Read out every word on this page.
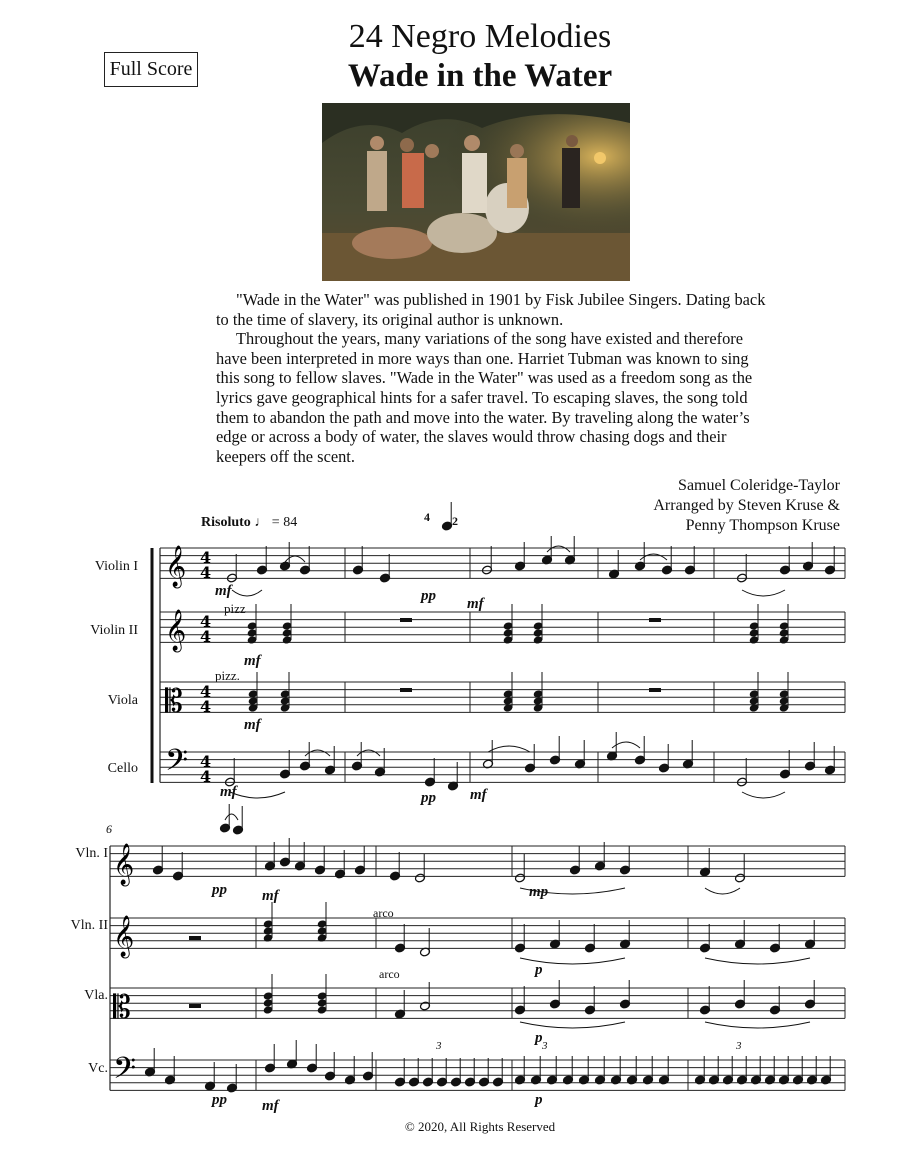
Full Score
24 Negro Melodies
Wade in the Water

"Wade in the Water" was published in 1901 by Fisk Jubilee Singers. Dating back to the time of slavery, its original author is unknown.

Throughout the years, many variations of the song have existed and therefore have been interpreted in more ways than one. Harriet Tubman was known to sing this song to fellow slaves. "Wade in the Water" was used as a freedom song as the lyrics gave geographical hints for a safer travel. To escaping slaves, the song told them to abandon the path and move into the water. By traveling along the water’s edge or across a body of water, the slaves would throw chasing dogs and their keepers off the scent.

Samuel Coleridge-Taylor
Arranged by Steven Kruse &
Penny Thompson Kruse
Risoluto ♩ = 84
Violin I
Violin II
Viola
Cello
Vln. I
Vln. II
Vla.
Vc.
pizz
pizz.
4 2
6
arco
arco
mf
mf
mf
mf
pp mf
pp mf
pp mf	mp
p
p
pp mf	p
3	3	3
𝄞 4
4
𝄞 4
4
𝄡 4
4
𝄢 4
4
𝄞
𝄞
𝄡
𝄢
© 2020, All Rights Reserved
